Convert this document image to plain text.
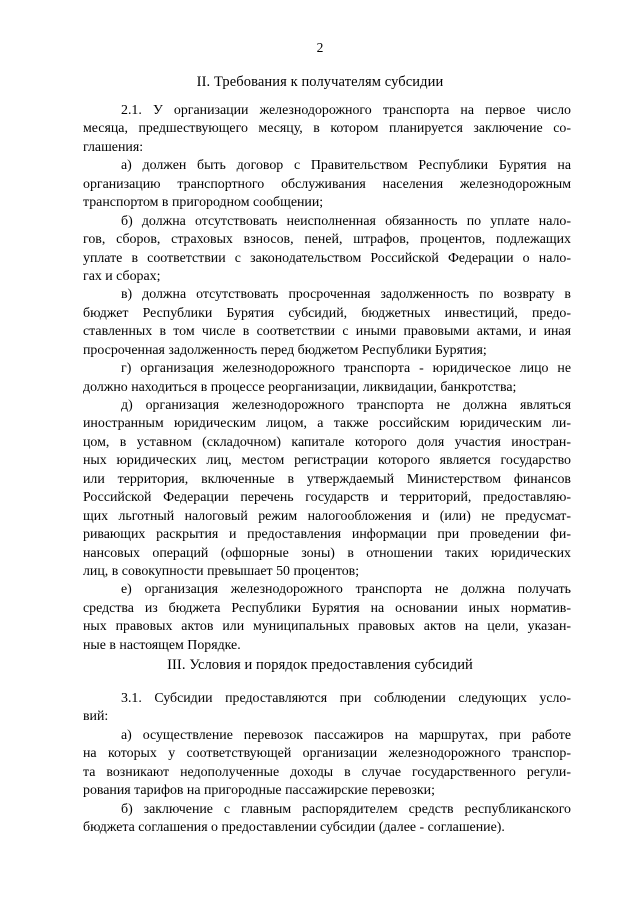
2
II. Требования к получателям субсидии
2.1. У организации железнодорожного транспорта на первое число
месяца, предшествующего месяцу, в котором планируется заключение со-
глашения:
а) должен быть договор с Правительством Республики Бурятия на
организацию транспортного обслуживания населения железнодорожным
транспортом в пригородном сообщении;
б) должна отсутствовать неисполненная обязанность по уплате нало-
гов, сборов, страховых взносов, пеней, штрафов, процентов, подлежащих
уплате в соответствии с законодательством Российской Федерации о нало-
гах и сборах;
в) должна отсутствовать просроченная задолженность по возврату в
бюджет Республики Бурятия субсидий, бюджетных инвестиций, предо-
ставленных в том числе в соответствии с иными правовыми актами, и иная
просроченная задолженность перед бюджетом Республики Бурятия;
г) организация железнодорожного транспорта - юридическое лицо не
должно находиться в процессе реорганизации, ликвидации, банкротства;
д) организация железнодорожного транспорта не должна являться
иностранным юридическим лицом, а также российским юридическим ли-
цом, в уставном (складочном) капитале которого доля участия иностран-
ных юридических лиц, местом регистрации которого является государство
или территория, включенные в утверждаемый Министерством финансов
Российской Федерации перечень государств и территорий, предоставляю-
щих льготный налоговый режим налогообложения и (или) не предусмат-
ривающих раскрытия и предоставления информации при проведении фи-
нансовых операций (офшорные зоны) в отношении таких юридических
лиц, в совокупности превышает 50 процентов;
е) организация железнодорожного транспорта не должна получать
средства из бюджета Республики Бурятия на основании иных норматив-
ных правовых актов или муниципальных правовых актов на цели, указан-
ные в настоящем Порядке.
III. Условия и порядок предоставления субсидий
3.1. Субсидии предоставляются при соблюдении следующих усло-
вий:
а) осуществление перевозок пассажиров на маршрутах, при работе
на которых у соответствующей организации железнодорожного транспор-
та возникают недополученные доходы в случае государственного регули-
рования тарифов на пригородные пассажирские перевозки;
б) заключение с главным распорядителем средств республиканского
бюджета соглашения о предоставлении субсидии (далее - соглашение).
